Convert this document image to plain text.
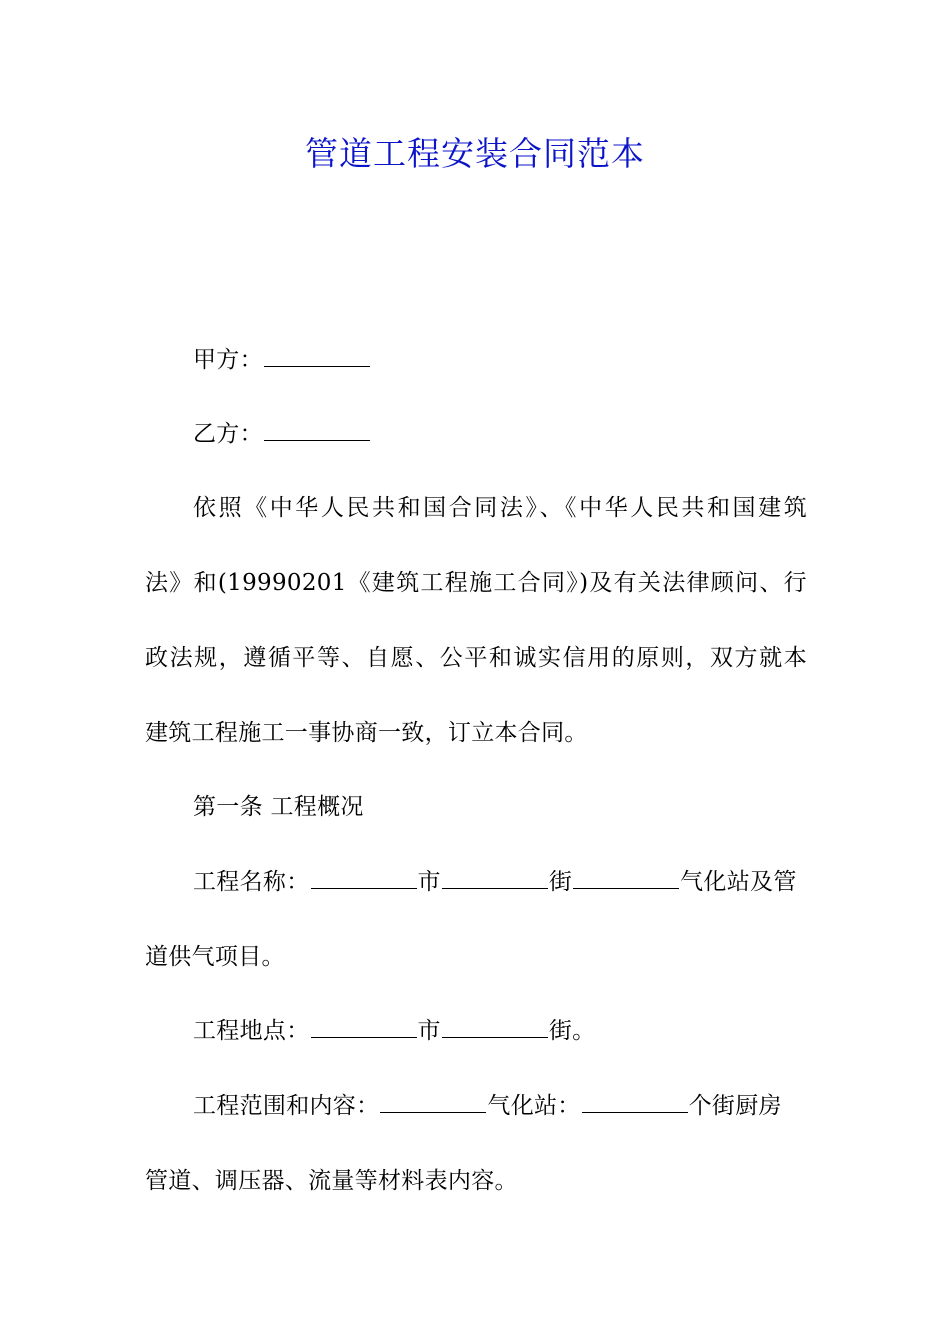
管道工程安装合同范本
甲方：
乙方：
依照《中华人民共和国合同法》、《中华人民共和国建筑
法》和(19990201《建筑工程施工合同》)及有关法律顾问、行
政法规，遵循平等、自愿、公平和诚实信用的原则，双方就本
建筑工程施工一事协商一致，订立本合同。
第一条 工程概况
工程名称：	市	街	气化站及管
道供气项目。
工程地点：	市	街。
工程范围和内容：	气化站：	个街厨房
管道、调压器、流量等材料表内容。
